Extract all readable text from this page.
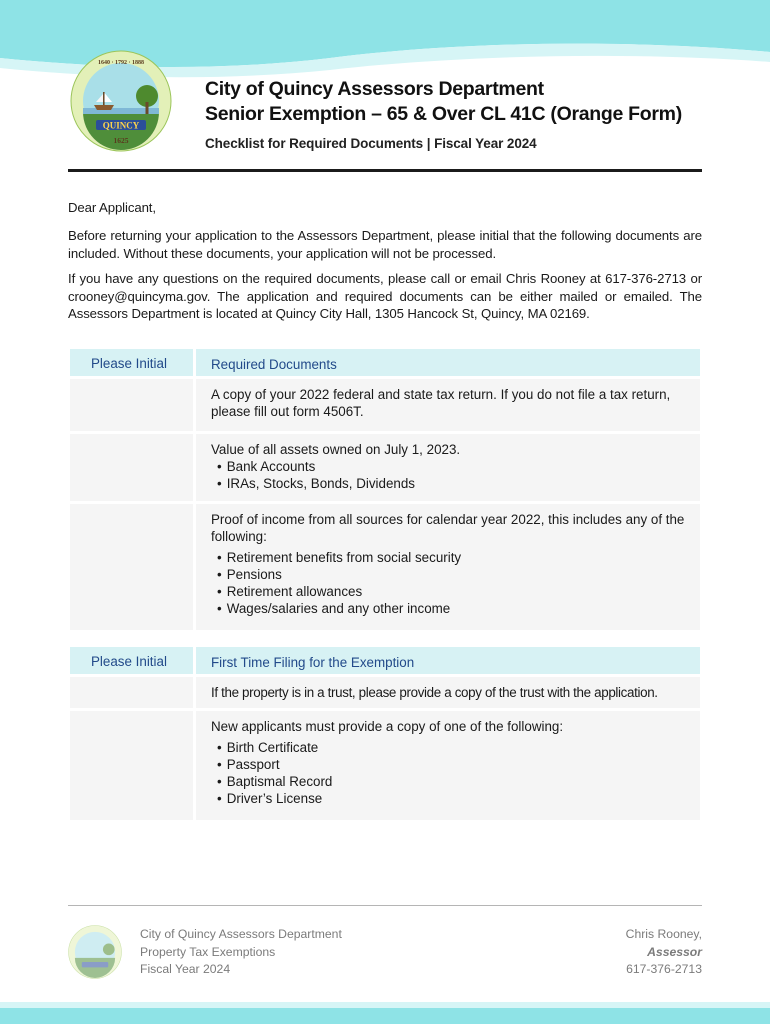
QUINCY
1625
1640 · 1792 · 1888
City of Quincy Assessors Department
Senior Exemption – 65 & Over CL 41C (Orange Form)
Checklist for Required Documents | Fiscal Year 2024
Dear Applicant,
Before returning your application to the Assessors Department, please initial that the following documents are included. Without these documents, your application will not be processed.
If you have any questions on the required documents, please call or email Chris Rooney at 617-376-2713 or crooney@quincyma.gov. The application and required documents can be either mailed or emailed. The Assessors Department is located at Quincy City Hall, 1305 Hancock St, Quincy, MA 02169.
Please Initial	Required Documents
A copy of your 2022 federal and state tax return. If you do not file a tax return, please fill out form 4506T.
Value of all assets owned on July 1, 2023.
• Bank Accounts
• IRAs, Stocks, Bonds, Dividends
Proof of income from all sources for calendar year 2022, this includes any of the following:
• Retirement benefits from social security
• Pensions
• Retirement allowances
• Wages/salaries and any other income
Please Initial	First Time Filing for the Exemption
If the property is in a trust, please provide a copy of the trust with the application.
New applicants must provide a copy of one of the following:
• Birth Certificate
• Passport
• Baptismal Record
• Driver’s License
City of Quincy Assessors Department
Property Tax Exemptions
Fiscal Year 2024
Chris Rooney,
Assessor
617-376-2713
